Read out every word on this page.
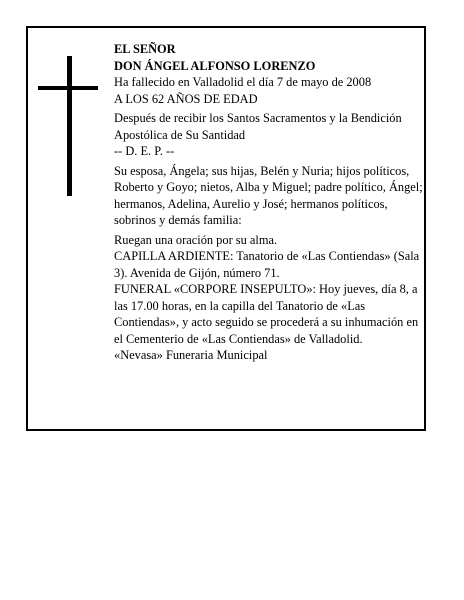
EL SEÑOR

DON ÁNGEL ALFONSO LORENZO

Ha fallecido en Valladolid el día 7 de mayo de 2008

A LOS 62 AÑOS DE EDAD

Después de recibir los Santos Sacramentos y la Bendición Apostólica de Su Santidad

-- D. E. P. --

Su esposa, Ángela; sus hijas, Belén y Nuria; hijos políticos, Roberto y Goyo; nietos, Alba y Miguel; padre político, Ángel; hermanos, Adelina, Aurelio y José; hermanos políticos, sobrinos y demás familia:

Ruegan una oración por su alma.

CAPILLA ARDIENTE: Tanatorio de «Las Contiendas» (Sala 3). Avenida de Gijón, número 71.

FUNERAL «CORPORE INSEPULTO»: Hoy jueves, día 8, a las 17.00 horas, en la capilla del Tanatorio de «Las Contiendas», y acto seguido se procederá a su inhumación en el Cementerio de «Las Contiendas» de Valladolid.

«Nevasa» Funeraria Municipal
